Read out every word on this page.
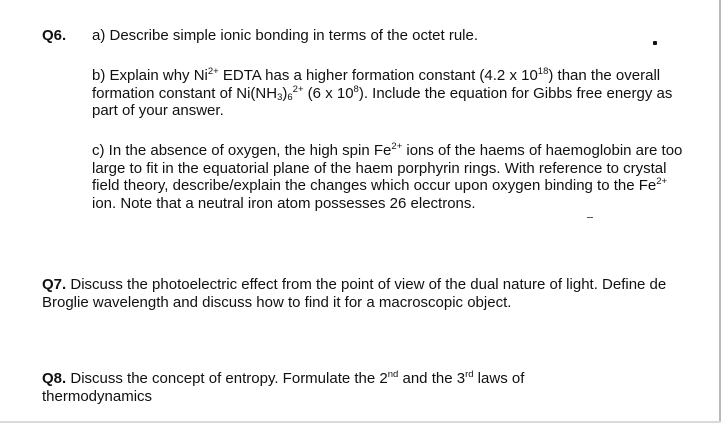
Q6. a) Describe simple ionic bonding in terms of the octet rule.

b) Explain why $Ni^{2+}$ EDTA has a higher formation constant (4.2 x $10^{18}$) than the overall formation constant of $Ni(NH_3)_6^{2+}$ (6 x $10^8$). Include the equation for Gibbs free energy as part of your answer.

c) In the absence of oxygen, the high spin $Fe^{2+}$ ions of the haems of haemoglobin are too large to fit in the equatorial plane of the haem porphyrin rings. With reference to crystal field theory, describe/explain the changes which occur upon oxygen binding to the $Fe^{2+}$ ion. Note that a neutral iron atom possesses 26 electrons.

Q7. Discuss the photoelectric effect from the point of view of the dual nature of light. Define de Broglie wavelength and discuss how to find it for a macroscopic object.

Q8. Discuss the concept of entropy. Formulate the 2nd and the 3rd laws of thermodynamics
